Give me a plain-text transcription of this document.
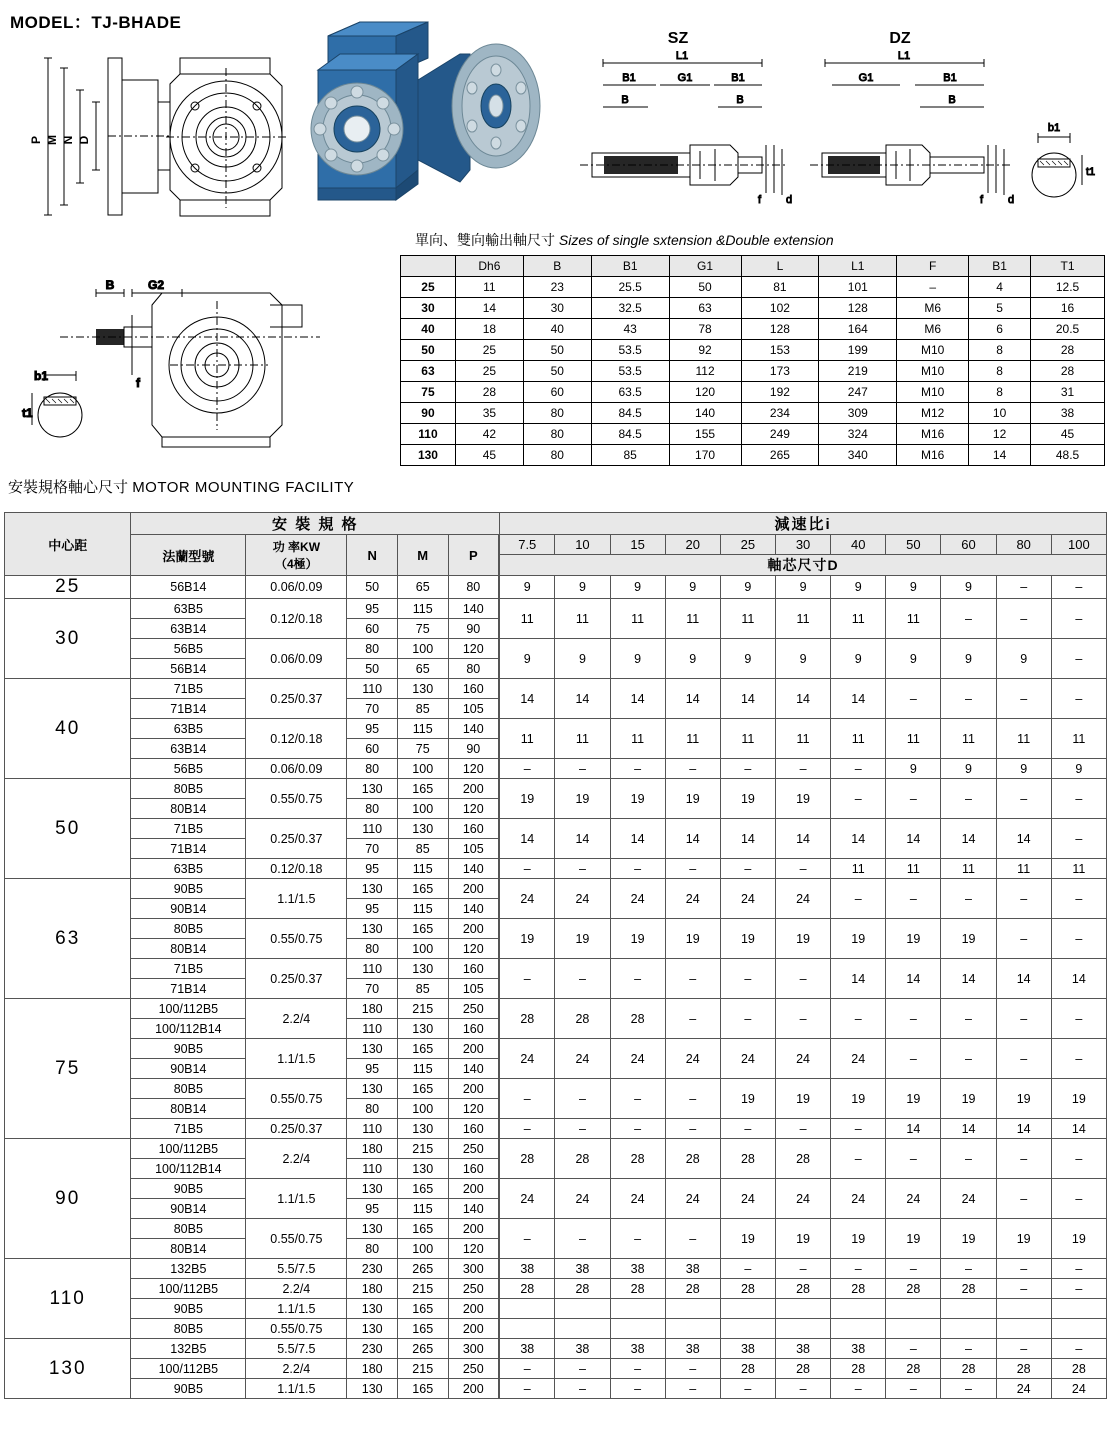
MODEL：TJ-BHADE
P M N D
SZ	DZ
L1
B1	G1	B1
B	B
f d
L1
G1	B1
B
f d
b1
t1
B	G2
f
b1
t1
單向、雙向輸出軸尺寸 Sizes of single sxtension &Double extension
	Dh6	B	B1	G1	L	L1	F	B1	T1
25	11	23	25.5	50	81	101	–	4	12.5
30	14	30	32.5	63	102	128	M6	5	16
40	18	40	43	78	128	164	M6	6	20.5
50	25	50	53.5	92	153	199	M10	8	28
63	25	50	53.5	112	173	219	M10	8	28
75	28	60	63.5	120	192	247	M10	8	31
90	35	80	84.5	140	234	309	M12	10	38
110	42	80	84.5	155	249	324	M16	12	45
130	45	80	85	170	265	340	M16	14	48.5
安裝規格軸心尺寸 MOTOR MOUNTING FACILITY
中心距	安 裝 規 格					減速比i										
	法蘭型號	功 率KW
（4極）	N	M	P		7.5	10	15	20	25	30	40	50	60	80	100
						軸芯尺寸D										
25	56B14	0.06/0.09	50	65	80		9	9	9	9	9	9	9	9	9	–	–
30	63B5	0.12/0.18	95	115	140		11	11	11	11	11	11	11	11	–	–	–
	63B14		60	75	90											
	56B5	0.06/0.09	80	100	120		9	9	9	9	9	9	9	9	9	9	–
	56B14		50	65	80											
40	71B5	0.25/0.37	110	130	160		14	14	14	14	14	14	14	–	–	–	–
	71B14		70	85	105											
	63B5	0.12/0.18	95	115	140		11	11	11	11	11	11	11	11	11	11	11
	63B14		60	75	90											
	56B5	0.06/0.09	80	100	120		–	–	–	–	–	–	–	9	9	9	9
50	80B5	0.55/0.75	130	165	200		19	19	19	19	19	19	–	–	–	–	–
	80B14		80	100	120											
	71B5	0.25/0.37	110	130	160		14	14	14	14	14	14	14	14	14	14	–
	71B14		70	85	105											
	63B5	0.12/0.18	95	115	140		–	–	–	–	–	–	11	11	11	11	11
63	90B5	1.1/1.5	130	165	200		24	24	24	24	24	24	–	–	–	–	–
	90B14		95	115	140											
	80B5	0.55/0.75	130	165	200		19	19	19	19	19	19	19	19	19	–	–
	80B14		80	100	120											
	71B5	0.25/0.37	110	130	160		–	–	–	–	–	–	14	14	14	14	14
	71B14		70	85	105											
75	100/112B5	2.2/4	180	215	250		28	28	28	–	–	–	–	–	–	–	–
	100/112B14		110	130	160											
	90B5	1.1/1.5	130	165	200		24	24	24	24	24	24	24	–	–	–	–
	90B14		95	115	140											
	80B5	0.55/0.75	130	165	200		–	–	–	–	19	19	19	19	19	19	19
	80B14		80	100	120											
	71B5	0.25/0.37	110	130	160		–	–	–	–	–	–	–	14	14	14	14
90	100/112B5	2.2/4	180	215	250		28	28	28	28	28	28	–	–	–	–	–
	100/112B14		110	130	160											
	90B5	1.1/1.5	130	165	200		24	24	24	24	24	24	24	24	24	–	–
	90B14		95	115	140											
	80B5	0.55/0.75	130	165	200		–	–	–	–	19	19	19	19	19	19	19
	80B14		80	100	120											
110	132B5	5.5/7.5	230	265	300		38	38	38	38	–	–	–	–	–	–	–
	100/112B5	2.2/4	180	215	250		28	28	28	28	28	28	28	28	28	–	–
	90B5	1.1/1.5	130	165	200												
	80B5	0.55/0.75	130	165	200												
130	132B5	5.5/7.5	230	265	300		38	38	38	38	38	38	38	–	–	–	–
	100/112B5	2.2/4	180	215	250		–	–	–	–	28	28	28	28	28	28	28
	90B5	1.1/1.5	130	165	200		–	–	–	–	–	–	–	–	–	24	24
